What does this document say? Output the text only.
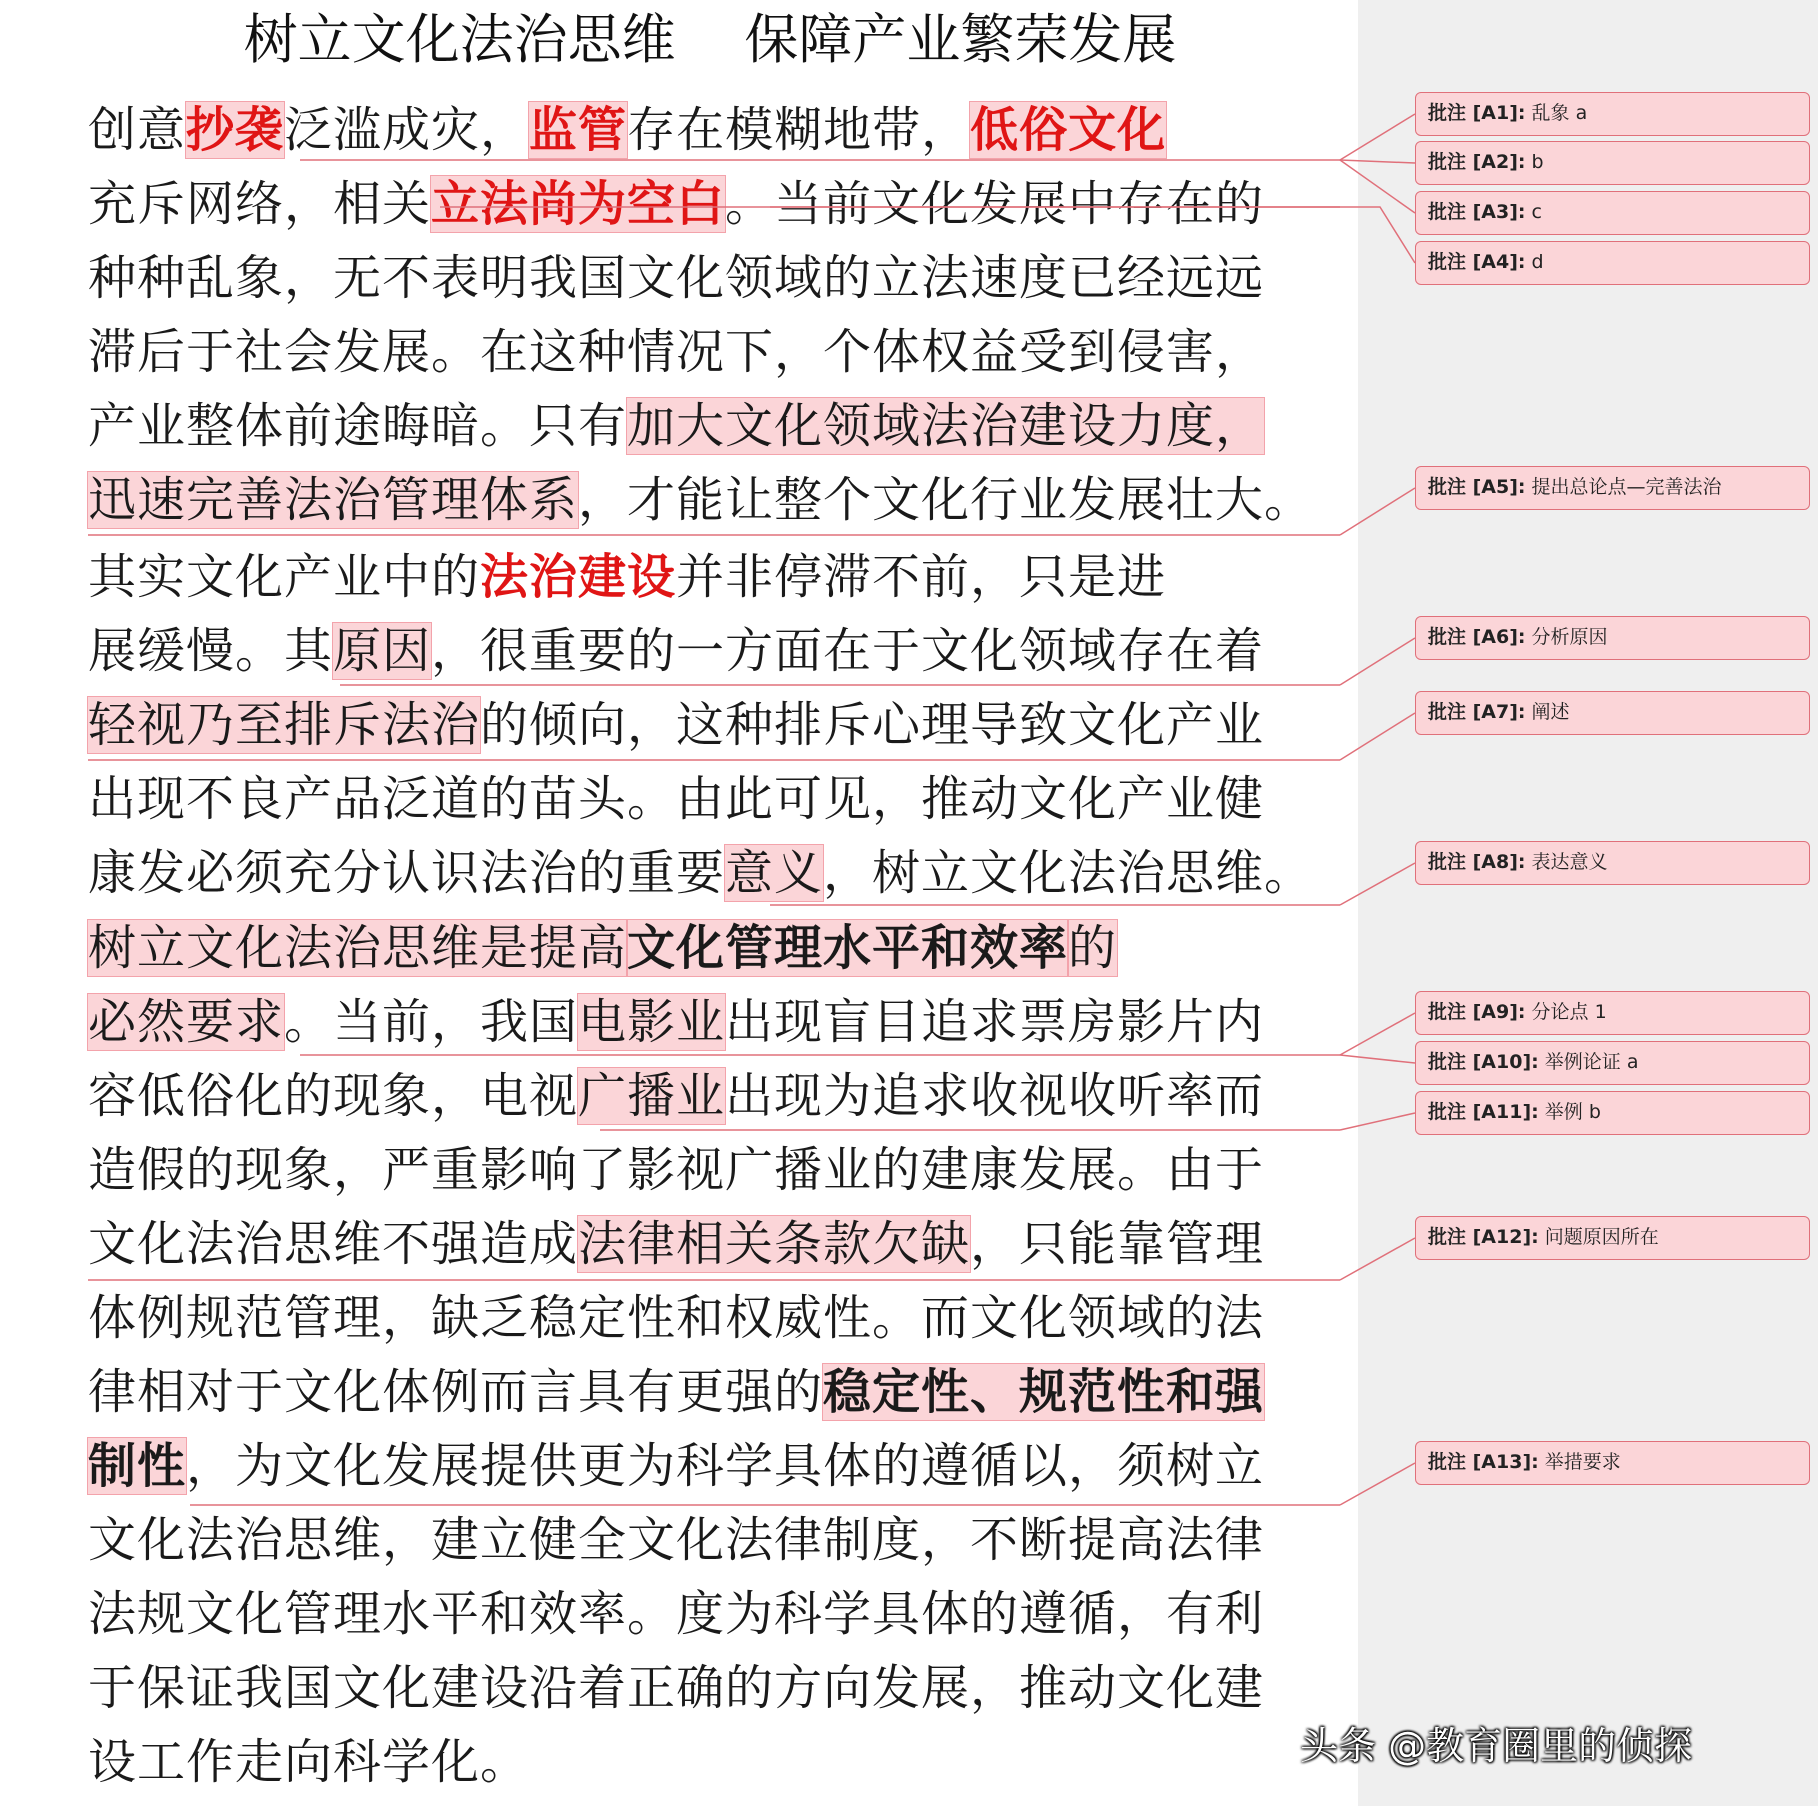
树立文化法治思维    保障产业繁荣发展
创意抄袭泛滥成灾，监管存在模糊地带，低俗文化
充斥网络，相关立法尚为空白。当前文化发展中存在的
种种乱象，无不表明我国文化领域的立法速度已经远远
滞后于社会发展。在这种情况下，个体权益受到侵害，
产业整体前途晦暗。只有加大文化领域法治建设力度，
迅速完善法治管理体系，才能让整个文化行业发展壮大。
其实文化产业中的法治建设并非停滞不前，只是进
展缓慢。其原因，很重要的一方面在于文化领域存在着
轻视乃至排斥法治的倾向，这种排斥心理导致文化产业
出现不良产品泛道的苗头。由此可见，推动文化产业健
康发必须充分认识法治的重要意义，树立文化法治思维。
树立文化法治思维是提高文化管理水平和效率的
必然要求。当前，我国电影业出现盲目追求票房影片内
容低俗化的现象，电视广播业出现为追求收视收听率而
造假的现象，严重影响了影视广播业的建康发展。由于
文化法治思维不强造成法律相关条款欠缺，只能靠管理
体例规范管理，缺乏稳定性和权威性。而文化领域的法
律相对于文化体例而言具有更强的稳定性、规范性和强
制性，为文化发展提供更为科学具体的遵循以，须树立
文化法治思维，建立健全文化法律制度，不断提高法律
法规文化管理水平和效率。度为科学具体的遵循，有利
于保证我国文化建设沿着正确的方向发展，推动文化建
设工作走向科学化。
批注 [A1]: 乱象 a
批注 [A2]: b
批注 [A3]: c
批注 [A4]: d
批注 [A5]: 提出总论点—完善法治
批注 [A6]: 分析原因
批注 [A7]: 阐述
批注 [A8]: 表达意义
批注 [A9]: 分论点 1
批注 [A10]: 举例论证 a
批注 [A11]: 举例 b
批注 [A12]: 问题原因所在
批注 [A13]: 举措要求
头条 @教育圈里的侦探
